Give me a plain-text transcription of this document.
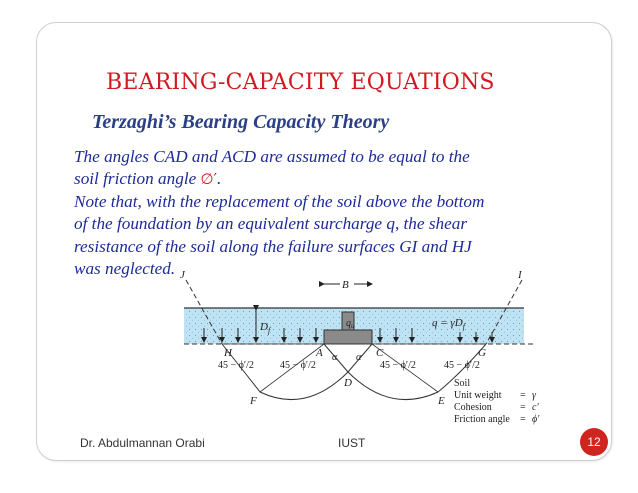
BEARING-CAPACITY EQUATIONS
Terzaghi’s Bearing Capacity Theory
The angles CAD and ACD are assumed to be equal to the
soil friction angle ∅′.
Note that, with the replacement of the soil above the bottom
of the foundation by an equivalent surcharge q, the shear
resistance of the soil along the failure surfaces GI and HJ
was neglected.
B
$D_f$
$q = \gamma D_f$
$q_u$
J	I
H	G
A	C
α α
D
F	E
45 − ϕ′/2	45 − ϕ′/2	45 − ϕ′/2	45 − ϕ′/2
Soil
Unit weight = γ
Cohesion	= c′
Friction angle = ϕ′
Dr. Abdulmannan Orabi	IUST	12
